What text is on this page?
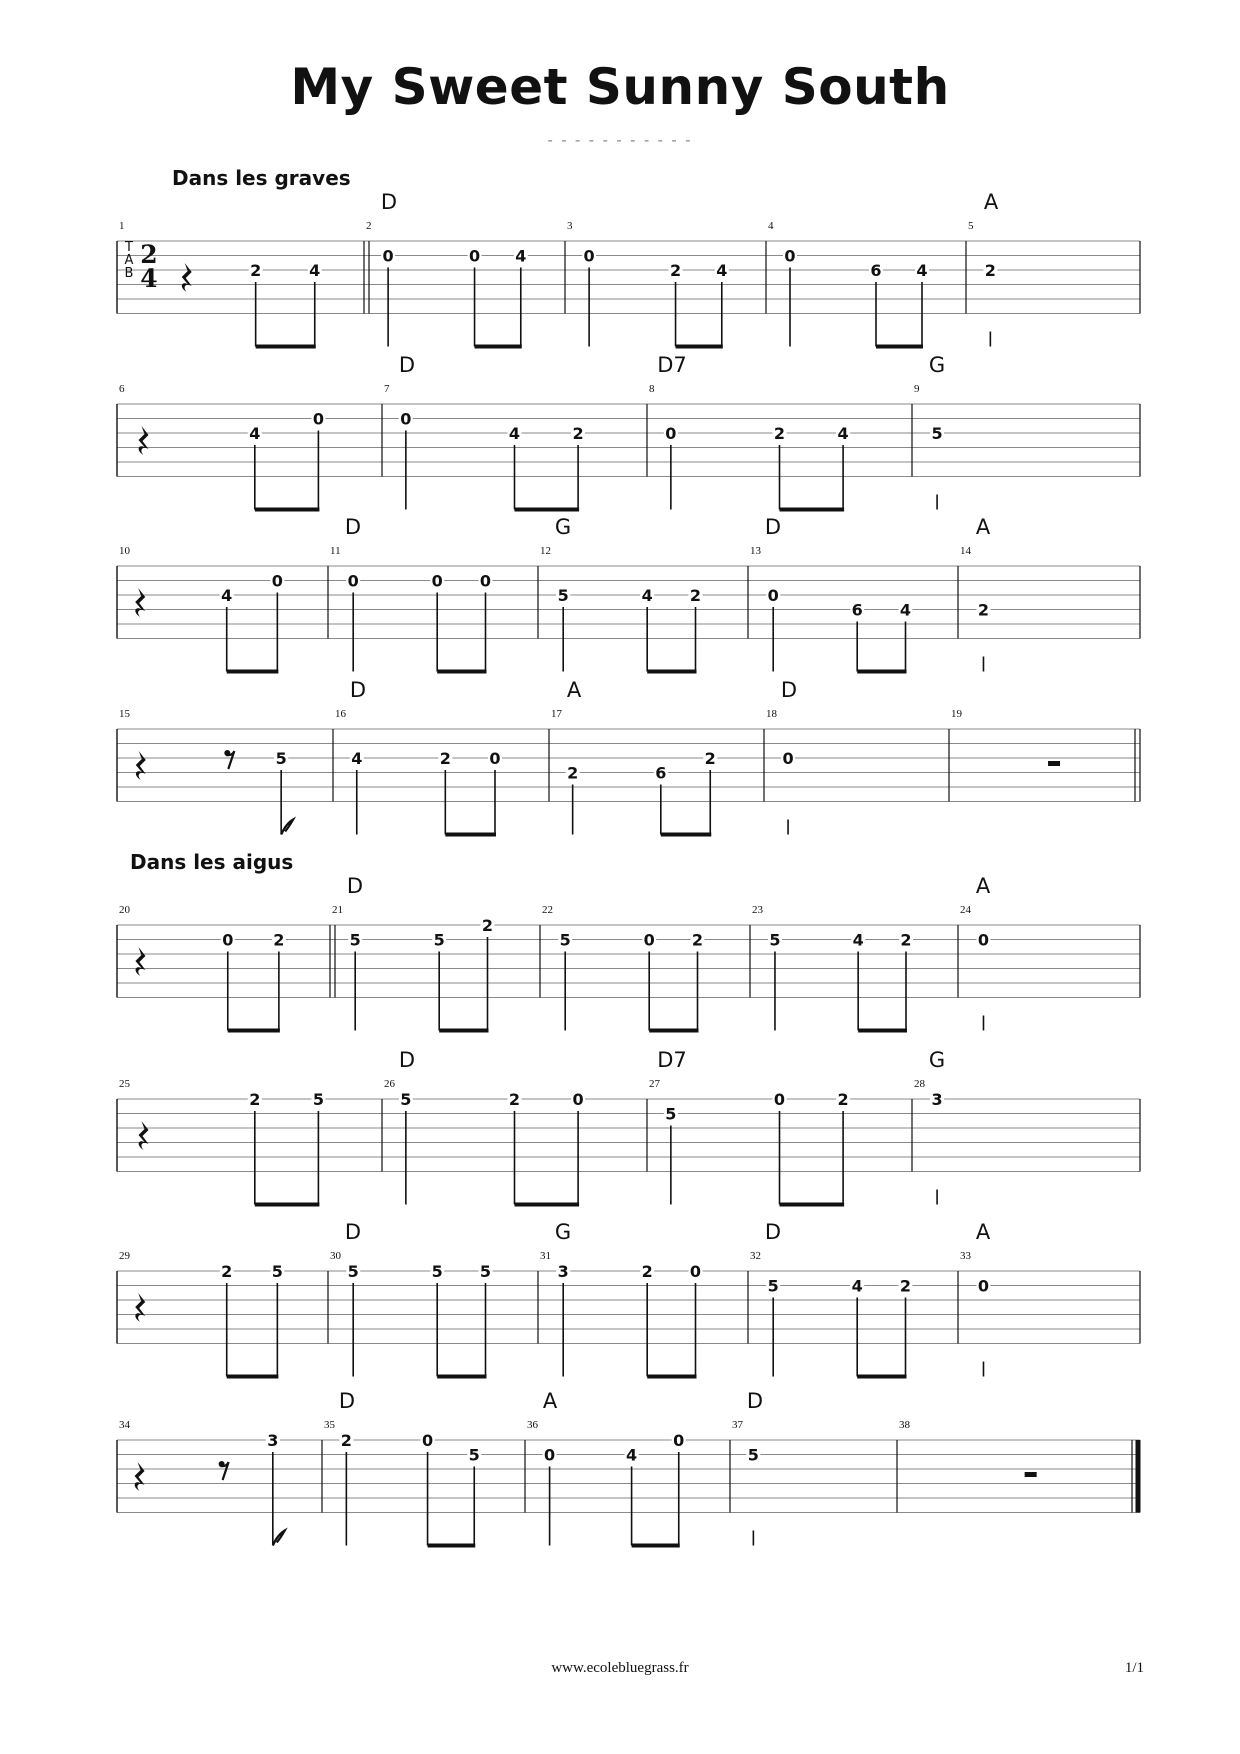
My Sweet Sunny South
- - - - - - - - - - -
Dans les graves
Dans les aigus
T
A
B
2
4
1
2	4
2
D
0	0 4
3
0
2 4
4
0
6 4
5
A
2
6
4
0
7
D
0
4	2
8
D7
0	2	4
9
G
5
10
4
0
11
D
0	0 0
12
G
5	4 2
13
D
0
6 4
14
A
2
15
5
16
D
4	2 0
17
A
2	6
2
18
D
0
19
20
0 2
21
D
5	5
2
22
5	0 2
23
5	4 2
24
A
0
25
2	5
26
D
5	2	0
27
D7
5
0	2
28
G
3
29
2 5
30
D
5	5 5
31
G
3	2 0
32
D
5	4 2
33
A
0
34
3
35
D
2	0
5
36
A
0	4
0
37
D
5
38
www.ecolebluegrass.fr	1/1
